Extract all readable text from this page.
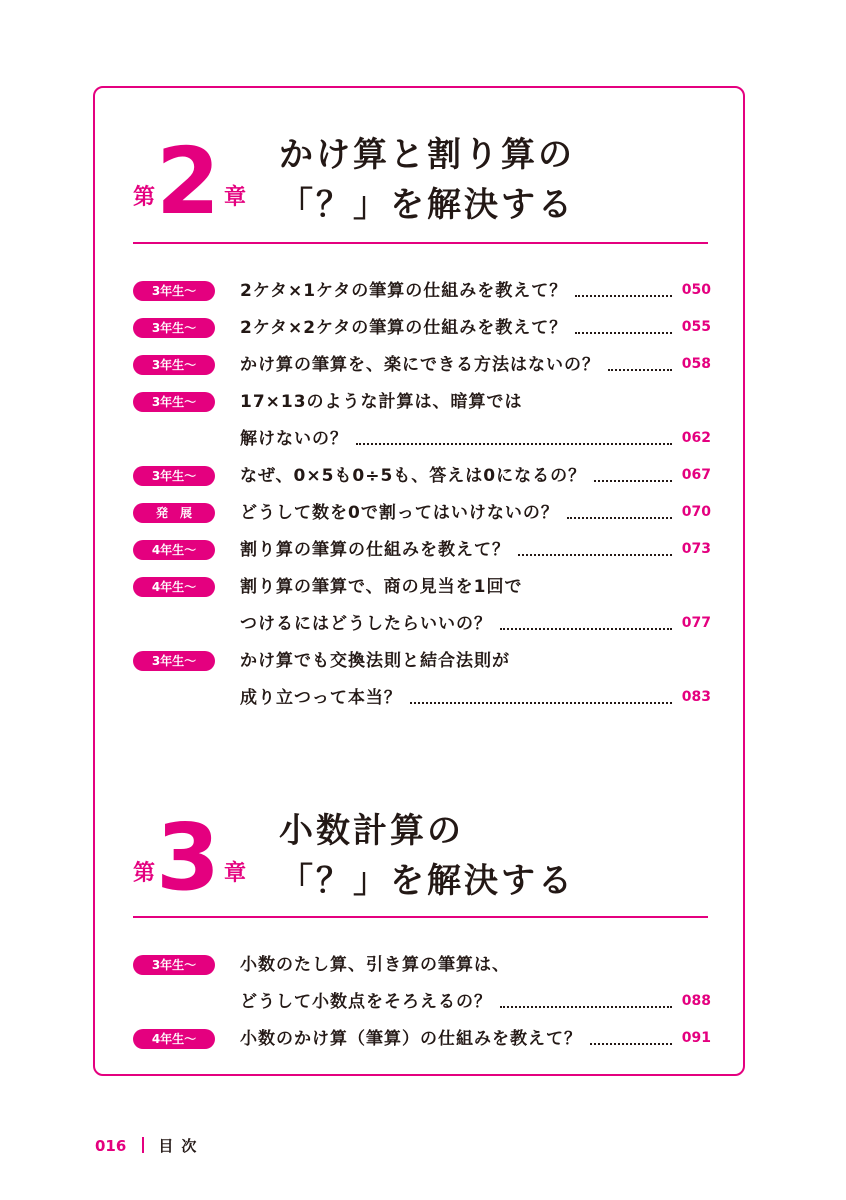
第 2 章
かけ算と割り算の
「？」を解決する
3年生～	2ケタ×1ケタの筆算の仕組みを教えて？	050
3年生～	2ケタ×2ケタの筆算の仕組みを教えて？	055
3年生～	かけ算の筆算を、楽にできる方法はないの？	058
3年生～	17×13のような計算は、暗算では
解けないの？	062
3年生～	なぜ、0×5も0÷5も、答えは0になるの？	067
発　展	どうして数を0で割ってはいけないの？	070
4年生～	割り算の筆算の仕組みを教えて？	073
4年生～	割り算の筆算で、商の見当を1回で
つけるにはどうしたらいいの？	077
3年生～	かけ算でも交換法則と結合法則が
成り立つって本当？	083
第 3 章
小数計算の
「？」を解決する
3年生～	小数のたし算、引き算の筆算は、
どうして小数点をそろえるの？	088
4年生～	小数のかけ算（筆算）の仕組みを教えて？	091
016 目次
